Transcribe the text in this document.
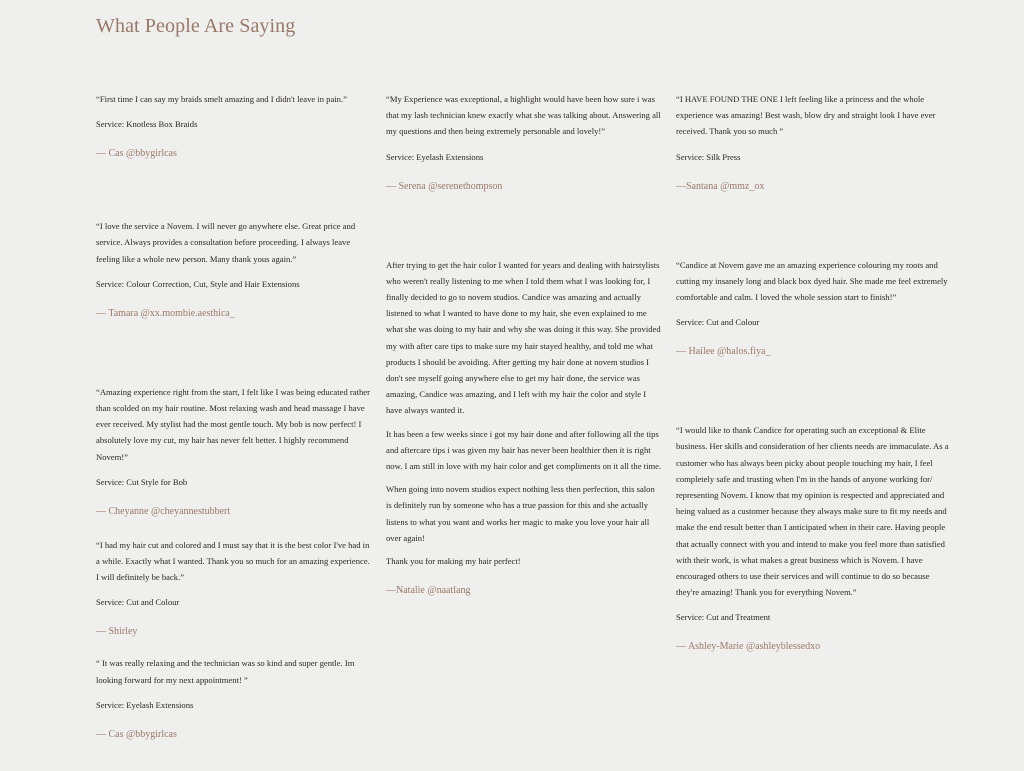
What People Are Saying

“First time I can say my braids smelt amazing and I didn't leave in pain.”

Service: Knotless Box Braids

— Cas @bbygirlcas

“I love the service a Novem. I will never go anywhere else. Great price and service. Always provides a consultation before proceeding. I always leave feeling like a whole new person. Many thank yous again.”

Service: Colour Correction, Cut, Style and Hair Extensions

— Tamara @xx.mombie.aesthica_

“Amazing experience right from the start, I felt like I was being educated rather than scolded on my hair routine. Most relaxing wash and head massage I have ever received. My stylist had the most gentle touch. My bob is now perfect! I absolutely love my cut, my hair has never felt better. I highly recommend Novem!”

Service: Cut Style for Bob

— Cheyanne @cheyannestubbert

“I had my hair cut and colored and I must say that it is the best color I've had in a while. Exactly what I wanted. Thank you so much for an amazing experience. I will definitely be back.”

Service: Cut and Colour

— Shirley

“ It was really relaxing and the technician was so kind and super gentle. Im looking forward for my next appointment! ”

Service: Eyelash Extensions

— Cas @bbygirlcas

“My Experience was exceptional, a highlight would have been how sure i was that my lash technician knew exactly what she was talking about. Answering all my questions and then being extremely personable and lovely!”

Service: Eyelash Extensions

— Serena @serenethompson

After trying to get the hair color I wanted for years and dealing with hairstylists who weren't really listening to me when I told them what I was looking for, I finally decided to go to novem studios. Candice was amazing and actually listened to what I wanted to have done to my hair, she even explained to me what she was doing to my hair and why she was doing it this way. She provided my with after care tips to make sure my hair stayed healthy, and told me what products I should be avoiding. After getting my hair done at novem studios I don't see myself going anywhere else to get my hair done, the service was amazing, Candice was amazing, and I left with my hair the color and style I have always wanted it.

It has been a few weeks since i got my hair done and after following all the tips and aftercare tips i was given my hair has never been healthier then it is right now. I am still in love with my hair color and get compliments on it all the time.

When going into novem studios expect nothing less then perfection, this salon is definitely run by someone who has a true passion for this and she actually listens to what you want and works her magic to make you love your hair all over again!

Thank you for making my hair perfect!

—Natalie @naatlang

“I HAVE FOUND THE ONE I left feeling like a princess and the whole experience was amazing! Best wash, blow dry and straight look I have ever received. Thank you so much ”

Service: Silk Press

—Santana @mmz_ox

“Candice at Novem gave me an amazing experience colouring my roots and cutting my insanely long and black box dyed hair. She made me feel extremely comfortable and calm. I loved the whole session start to finish!”

Service: Cut and Colour

— Hailee @halos.fiya_

“I would like to thank Candice for operating such an exceptional & Elite business. Her skills and consideration of her clients needs are immaculate. As a customer who has always been picky about people touching my hair, I feel completely safe and trusting when I'm in the hands of anyone working for/ representing Novem. I know that my opinion is respected and appreciated and being valued as a customer because they always make sure to fit my needs and make the end result better than I anticipated when in their care. Having people that actually connect with you and intend to make you feel more than satisfied with their work, is what makes a great business which is Novem. I have encouraged others to use their services and will continue to do so because they're amazing! Thank you for everything Novem.”

Service: Cut and Treatment

— Ashley-Marie @ashleyblessedxo
